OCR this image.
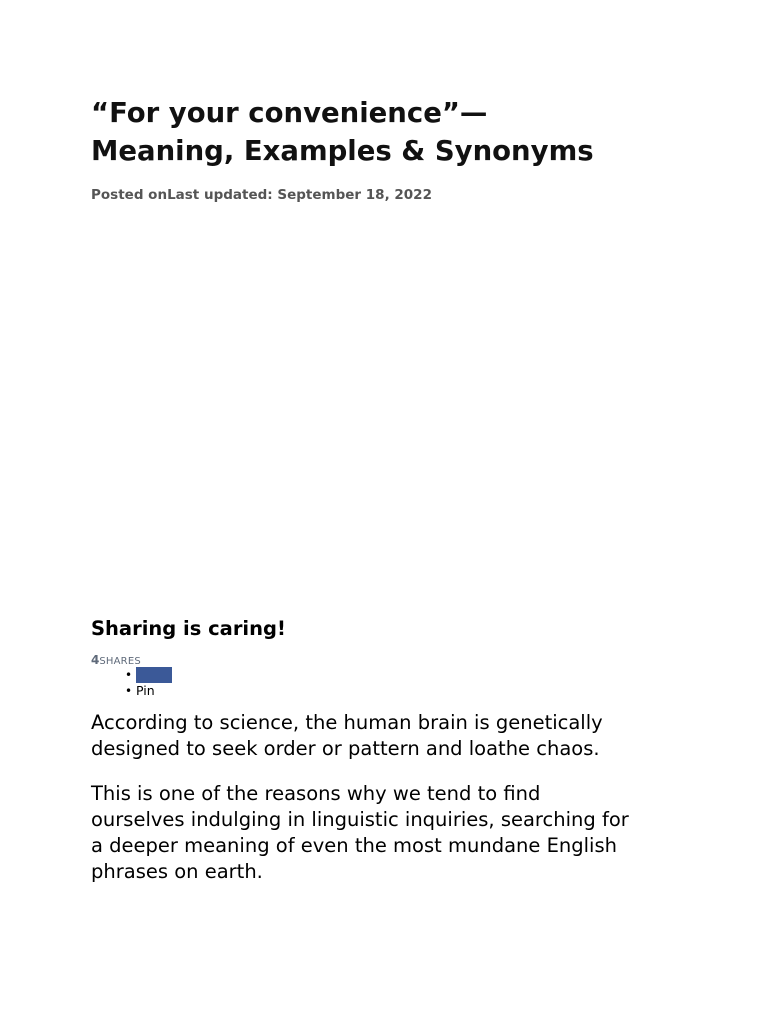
“For your convenience”—
Meaning, Examples & Synonyms
Posted onLast updated: September 18, 2022
Sharing is caring!
4SHARES
•
• Pin

According to science, the human brain is genetically
designed to seek order or pattern and loathe chaos.

This is one of the reasons why we tend to find
ourselves indulging in linguistic inquiries, searching for
a deeper meaning of even the most mundane English
phrases on earth.
